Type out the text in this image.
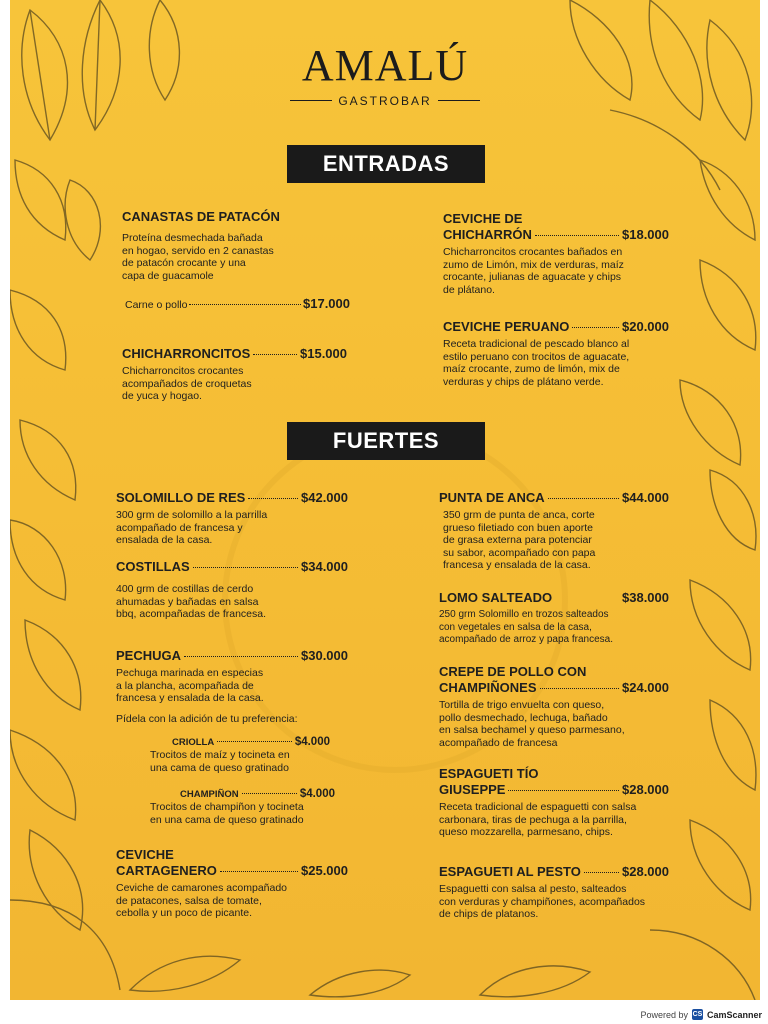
AMALÚ
GASTROBAR
ENTRADAS
CANASTAS DE PATACÓN
Proteína desmechada bañada
en hogao, servido en 2 canastas
de patacón crocante y una
capa de guacamole
Carne o pollo	$17.000
CHICHARRONCITOS	$15.000
Chicharroncitos crocantes
acompañados de croquetas
de yuca y hogao.
CEVICHE DE
CHICHARRÓN	$18.000
Chicharroncitos crocantes bañados en
zumo de Limón, mix de verduras, maíz
crocante, julianas de aguacate y chips
de plátano.
CEVICHE PERUANO	$20.000
Receta tradicional de pescado blanco al
estilo peruano con trocitos de aguacate,
maíz crocante, zumo de limón, mix de
verduras y chips de plátano verde.
FUERTES
SOLOMILLO DE RES	$42.000
300 grm de solomillo a la parrilla
acompañado de francesa y
ensalada de la casa.
COSTILLAS	$34.000
400 grm de costillas de cerdo
ahumadas y bañadas en salsa
bbq, acompañadas de francesa.
PECHUGA	$30.000
Pechuga marinada en especias
a la plancha, acompañada de
francesa y ensalada de la casa.
Pídela con la adición de tu preferencia:
CRIOLLA	$4.000
Trocitos de maíz y tocineta en
una cama de queso gratinado
CHAMPIÑON	$4.000
Trocitos de champiñon y tocineta
en una cama de queso gratinado
CEVICHE
CARTAGENERO	$25.000
Ceviche de camarones acompañado
de patacones, salsa de tomate,
cebolla y un poco de picante.
PUNTA DE ANCA	$44.000
350 grm de punta de anca, corte
grueso filetiado con buen aporte
de grasa externa para potenciar
su sabor, acompañado con papa
francesa y ensalada de la casa.
LOMO SALTEADO	$38.000
250 grm Solomillo en trozos salteados
con vegetales en salsa de la casa,
acompañado de arroz y papa francesa.
CREPE DE POLLO CON
CHAMPIÑONES	$24.000
Tortilla de trigo envuelta con queso,
pollo desmechado, lechuga, bañado
en salsa bechamel y queso parmesano,
acompañado de francesa
ESPAGUETI TÍO
GIUSEPPE	$28.000
Receta tradicional de espaguetti con salsa
carbonara, tiras de pechuga a la parrilla,
queso mozzarella, parmesano, chips.
ESPAGUETI AL PESTO	$28.000
Espaguetti con salsa al pesto, salteados
con verduras y champiñones, acompañados
de chips de platanos.
Powered by CS CamScanner
